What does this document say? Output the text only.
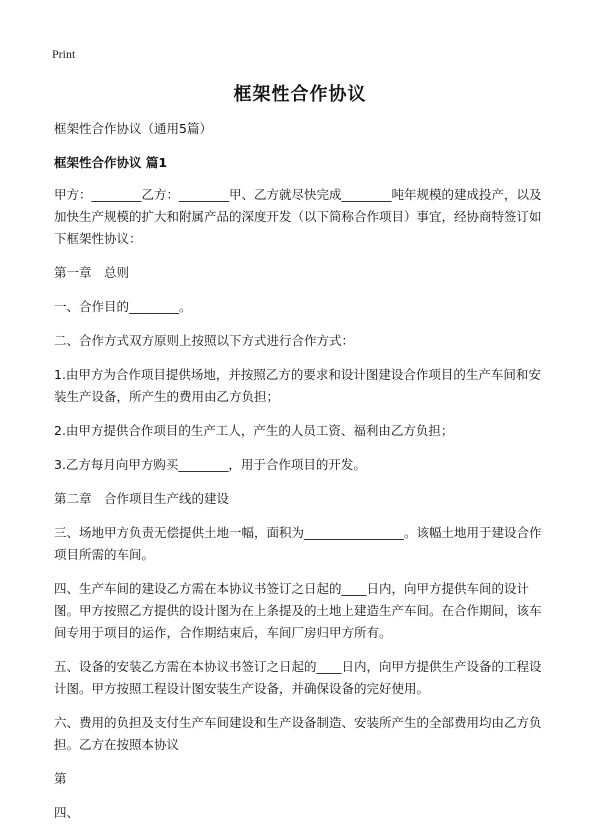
Print
框架性合作协议

框架性合作协议（通用5篇）

框架性合作协议 篇1

甲方：________乙方：________甲、乙方就尽快完成________吨年规模的建成投产，以及加快生产规模的扩大和附属产品的深度开发（以下简称合作项目）事宜，经协商特签订如下框架性协议：

第一章　总则

一、合作目的________。

二、合作方式双方原则上按照以下方式进行合作方式：

1.由甲方为合作项目提供场地，并按照乙方的要求和设计图建设合作项目的生产车间和安装生产设备，所产生的费用由乙方负担；

2.由甲方提供合作项目的生产工人，产生的人员工资、福利由乙方负担；

3.乙方每月向甲方购买________，用于合作项目的开发。

第二章　合作项目生产线的建设

三、场地甲方负责无偿提供土地一幅，面积为________________。该幅土地用于建设合作项目所需的车间。

四、生产车间的建设乙方需在本协议书签订之日起的____日内，向甲方提供车间的设计图。甲方按照乙方提供的设计图为在上条提及的土地上建造生产车间。在合作期间，该车间专用于项目的运作，合作期结束后，车间厂房归甲方所有。

五、设备的安装乙方需在本协议书签订之日起的____日内，向甲方提供生产设备的工程设计图。甲方按照工程设计图安装生产设备，并确保设备的完好使用。

六、费用的负担及支付生产车间建设和生产设备制造、安装所产生的全部费用均由乙方负担。乙方在按照本协议

第

四、
